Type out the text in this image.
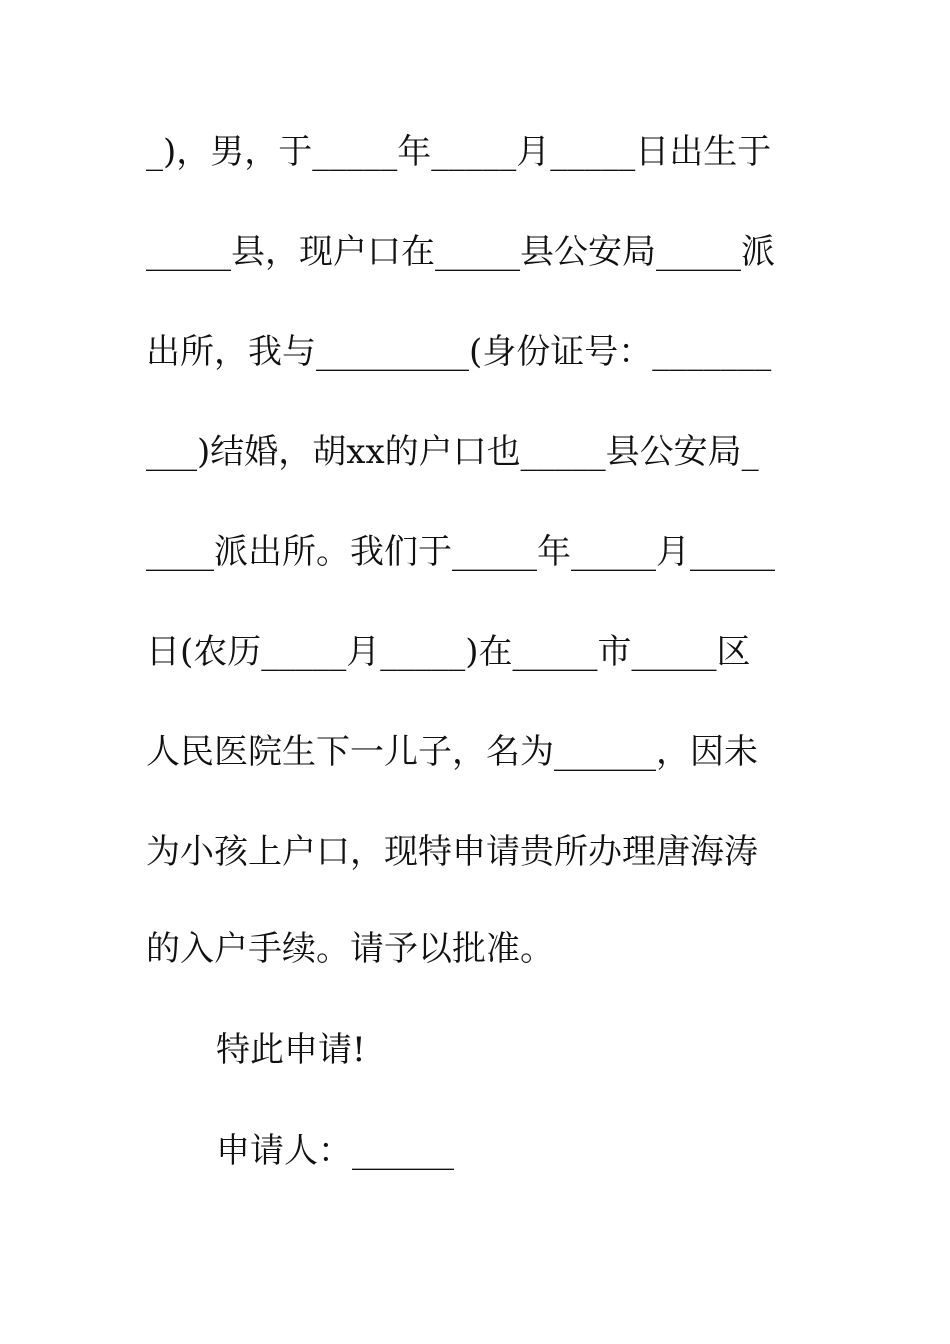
_)，男，于_____年_____月_____日出生于
_____县，现户口在_____县公安局_____派
出所，我与_________(身份证号：_______
___)结婚，胡xx的户口也_____县公安局_
____派出所。我们于_____年_____月_____
日(农历_____月_____)在_____市_____区
人民医院生下一儿子，名为______，因未
为小孩上户口，现特申请贵所办理唐海涛
的入户手续。请予以批准。
特此申请!
申请人：______
